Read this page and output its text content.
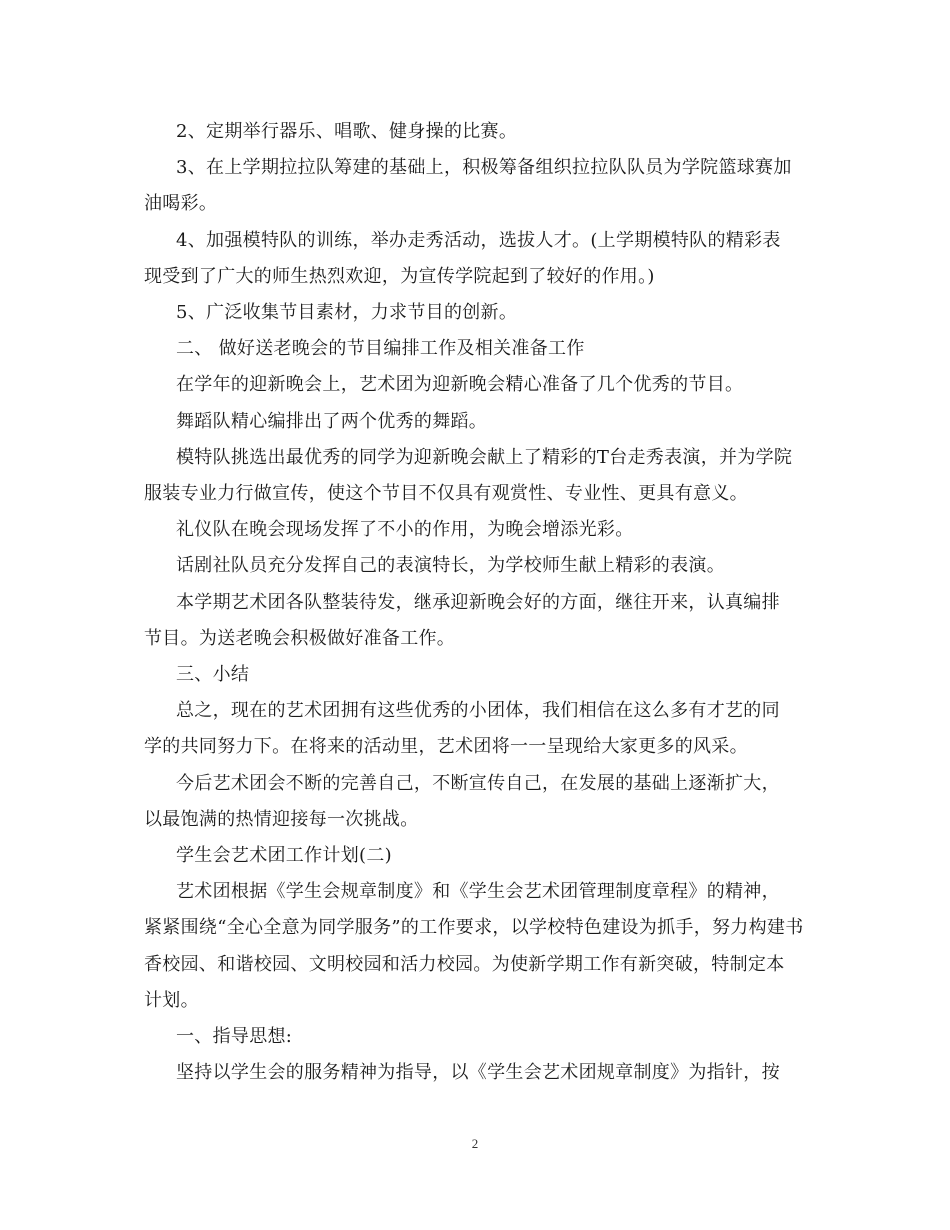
2、定期举行器乐、唱歌、健身操的比赛。
3、在上学期拉拉队筹建的基础上，积极筹备组织拉拉队队员为学院篮球赛加
油喝彩。
4、加强模特队的训练，举办走秀活动，选拔人才。(上学期模特队的精彩表
现受到了广大的师生热烈欢迎，为宣传学院起到了较好的作用。)
5、广泛收集节目素材，力求节目的创新。
二、 做好送老晚会的节目编排工作及相关准备工作
在学年的迎新晚会上，艺术团为迎新晚会精心准备了几个优秀的节目。
舞蹈队精心编排出了两个优秀的舞蹈。
模特队挑选出最优秀的同学为迎新晚会献上了精彩的T台走秀表演，并为学院
服装专业力行做宣传，使这个节目不仅具有观赏性、专业性、更具有意义。
礼仪队在晚会现场发挥了不小的作用，为晚会增添光彩。
话剧社队员充分发挥自己的表演特长，为学校师生献上精彩的表演。
本学期艺术团各队整装待发，继承迎新晚会好的方面，继往开来，认真编排
节目。为送老晚会积极做好准备工作。
三、小结
总之，现在的艺术团拥有这些优秀的小团体，我们相信在这么多有才艺的同
学的共同努力下。在将来的活动里，艺术团将一一呈现给大家更多的风采。
今后艺术团会不断的完善自己，不断宣传自己，在发展的基础上逐渐扩大，
以最饱满的热情迎接每一次挑战。
学生会艺术团工作计划(二)
艺术团根据《学生会规章制度》和《学生会艺术团管理制度章程》的精神，
紧紧围绕“全心全意为同学服务”的工作要求，以学校特色建设为抓手，努力构建书
香校园、和谐校园、文明校园和活力校园。为使新学期工作有新突破，特制定本
计划。
一、指导思想:
坚持以学生会的服务精神为指导，以《学生会艺术团规章制度》为指针，按
2
